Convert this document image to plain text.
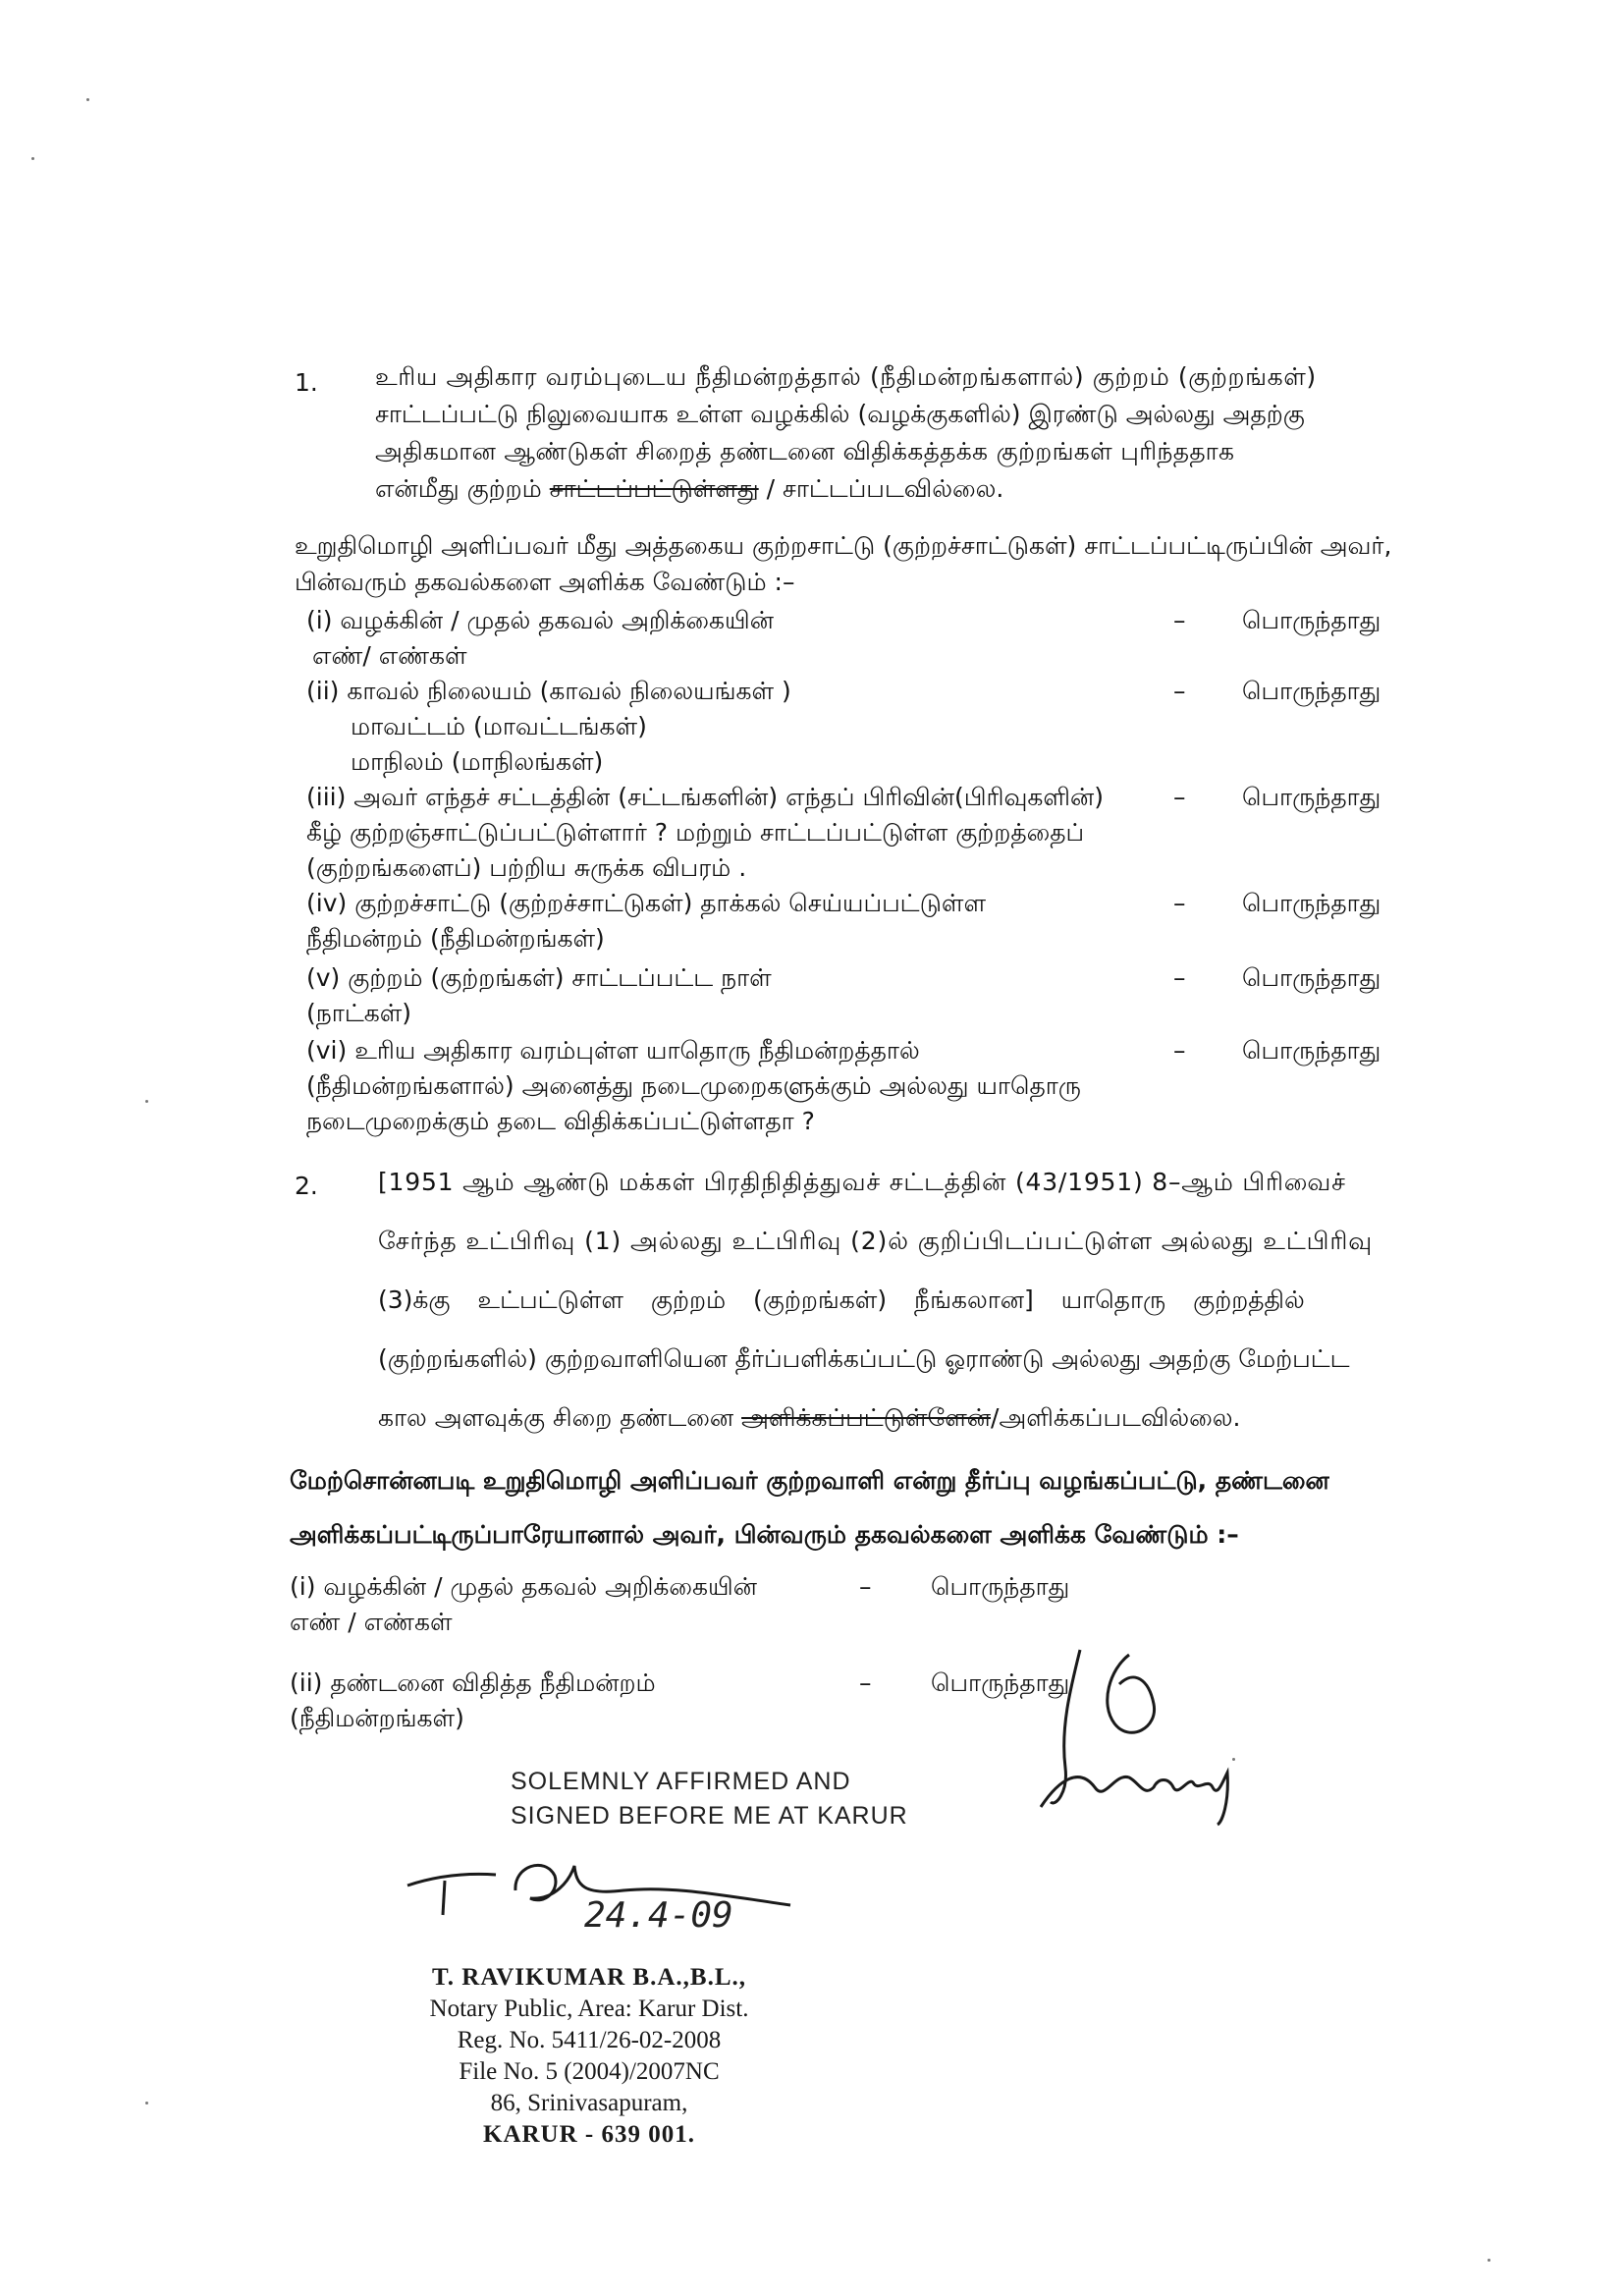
1. உரிய அதிகார வரம்புடைய நீதிமன்றத்தால் (நீதிமன்றங்களால்) குற்றம் (குற்றங்கள்)
சாட்டப்பட்டு நிலுவையாக உள்ள வழக்கில் (வழக்குகளில்) இரண்டு அல்லது அதற்கு
அதிகமான ஆண்டுகள் சிறைத் தண்டனை விதிக்கத்தக்க குற்றங்கள் புரிந்ததாக
என்மீது குற்றம் சாட்டப்பட்டுள்ளது / சாட்டப்படவில்லை.
உறுதிமொழி அளிப்பவர் மீது அத்தகைய குற்றசாட்டு (குற்றச்சாட்டுகள்) சாட்டப்பட்டிருப்பின் அவர்,
பின்வரும் தகவல்களை அளிக்க வேண்டும் :–
(i) வழக்கின் / முதல் தகவல் அறிக்கையின்
எண்/ எண்கள்
– பொருந்தாது
(ii) காவல் நிலையம் (காவல் நிலையங்கள் )
மாவட்டம் (மாவட்டங்கள்)
மாநிலம் (மாநிலங்கள்)
– பொருந்தாது
(iii) அவர் எந்தச் சட்டத்தின் (சட்டங்களின்) எந்தப் பிரிவின்(பிரிவுகளின்)
கீழ் குற்றஞ்சாட்டுப்பட்டுள்ளார் ? மற்றும் சாட்டப்பட்டுள்ள குற்றத்தைப்
(குற்றங்களைப்) பற்றிய சுருக்க விபரம் .
– பொருந்தாது
(iv) குற்றச்சாட்டு (குற்றச்சாட்டுகள்) தாக்கல் செய்யப்பட்டுள்ள
நீதிமன்றம் (நீதிமன்றங்கள்)
– பொருந்தாது
(v) குற்றம் (குற்றங்கள்) சாட்டப்பட்ட நாள்
(நாட்கள்)
– பொருந்தாது
(vi) உரிய அதிகார வரம்புள்ள யாதொரு நீதிமன்றத்தால்
(நீதிமன்றங்களால்) அனைத்து நடைமுறைகளுக்கும் அல்லது யாதொரு
நடைமுறைக்கும் தடை விதிக்கப்பட்டுள்ளதா ?
– பொருந்தாது
2. [1951 ஆம் ஆண்டு மக்கள் பிரதிநிதித்துவச் சட்டத்தின் (43/1951) 8–ஆம் பிரிவைச்
சேர்ந்த உட்பிரிவு (1) அல்லது உட்பிரிவு (2)ல் குறிப்பிடப்பட்டுள்ள அல்லது உட்பிரிவு
(3)க்கு உட்பட்டுள்ள குற்றம் (குற்றங்கள்) நீங்கலான] யாதொரு குற்றத்தில்
(குற்றங்களில்) குற்றவாளியென தீர்ப்பளிக்கப்பட்டு ஓராண்டு அல்லது அதற்கு மேற்பட்ட
கால அளவுக்கு சிறை தண்டனை அளிக்கப்பட்டுள்ளேன்/அளிக்கப்படவில்லை.
மேற்சொன்னபடி உறுதிமொழி அளிப்பவர் குற்றவாளி என்று தீர்ப்பு வழங்கப்பட்டு, தண்டனை
அளிக்கப்பட்டிருப்பாரேயானால் அவர், பின்வரும் தகவல்களை அளிக்க வேண்டும் :–
(i) வழக்கின் / முதல் தகவல் அறிக்கையின்
எண் / எண்கள்
– பொருந்தாது
(ii) தண்டனை விதித்த நீதிமன்றம்
(நீதிமன்றங்கள்)
– பொருந்தாது
SOLEMNLY AFFIRMED AND
SIGNED BEFORE ME AT KARUR
24.4-09
T. RAVIKUMAR B.A.,B.L.,
Notary Public, Area: Karur Dist.
Reg. No. 5411/26-02-2008
File No. 5 (2004)/2007NC
86, Srinivasapuram,
KARUR - 639 001.
